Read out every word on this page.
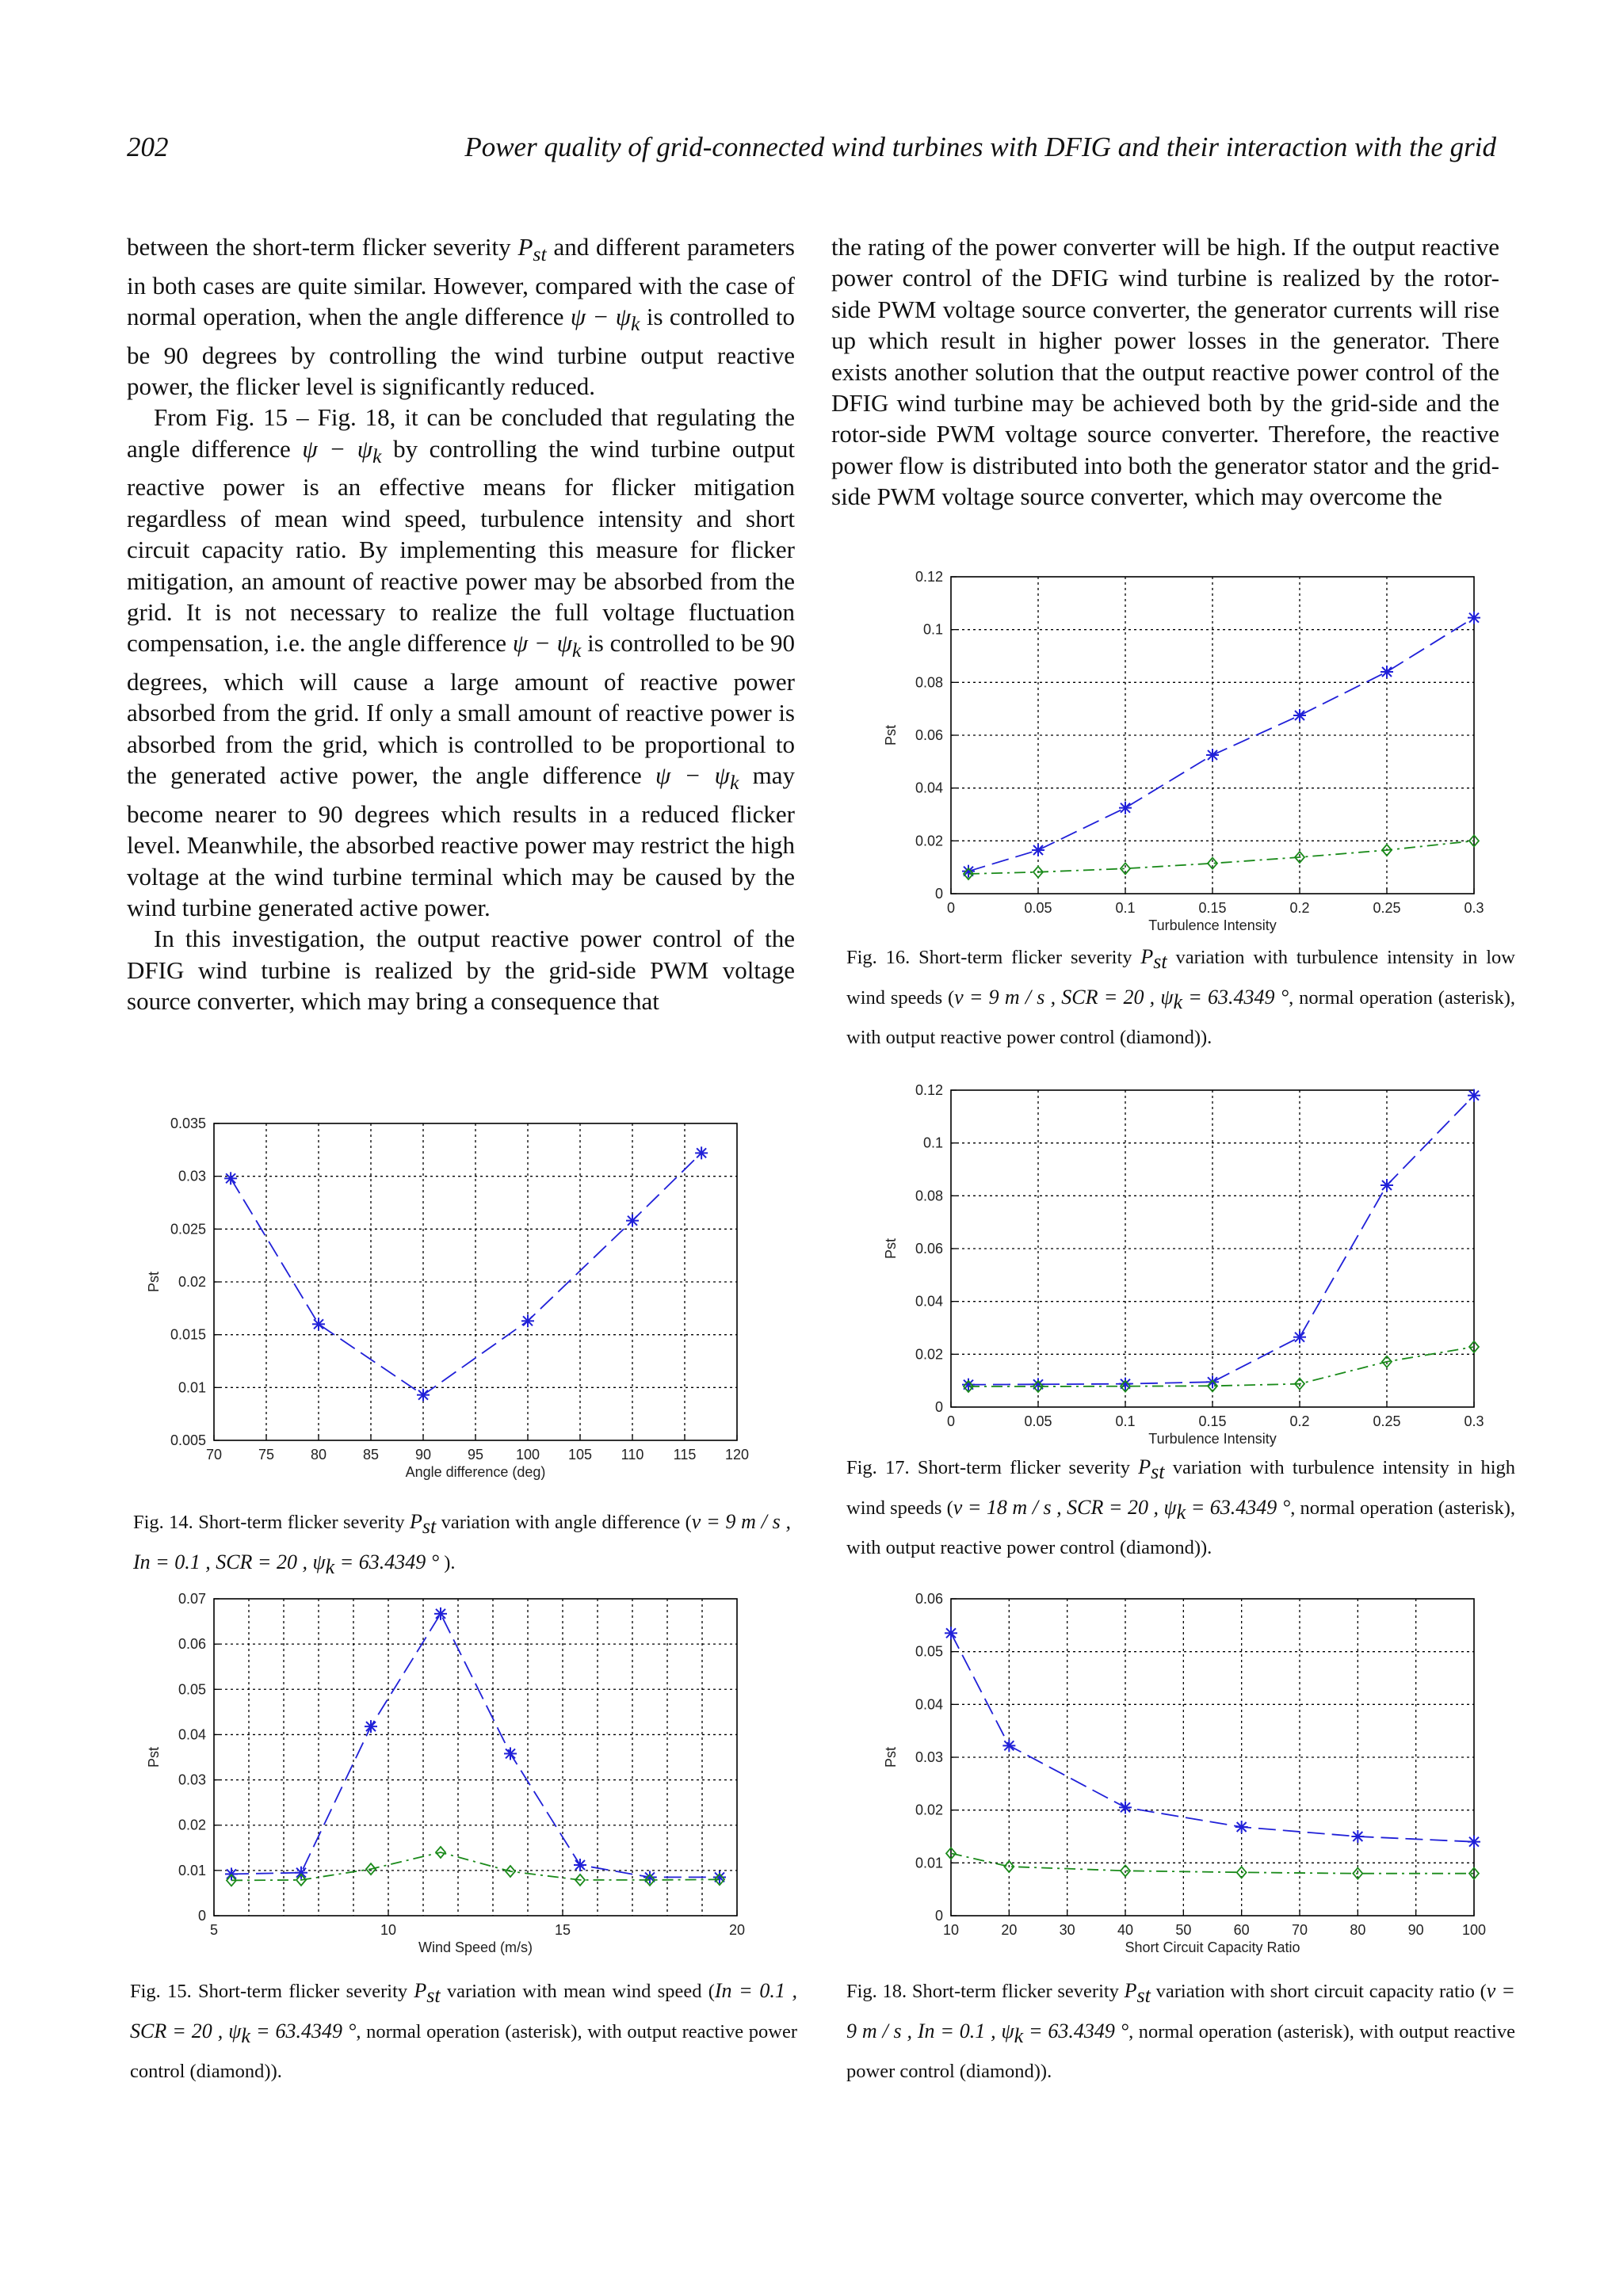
202	Power quality of grid-connected wind turbines with DFIG and their interaction with the grid

between the short-term flicker severity $P_{st}$ and different parameters in both cases are quite similar. However, compared with the case of normal operation, when the angle difference $\psi - \psi_k$ is controlled to be 90 degrees by controlling the wind turbine output reactive power, the flicker level is significantly reduced.

From Fig. 15 – Fig. 18, it can be concluded that regulating the angle difference $\psi - \psi_k$ by controlling the wind turbine output reactive power is an effective means for flicker mitigation regardless of mean wind speed, turbulence intensity and short circuit capacity ratio. By implementing this measure for flicker mitigation, an amount of reactive power may be absorbed from the grid. It is not necessary to realize the full voltage fluctuation compensation, i.e. the angle difference $\psi - \psi_k$ is controlled to be 90 degrees, which will cause a large amount of reactive power absorbed from the grid. If only a small amount of reactive power is absorbed from the grid, which is controlled to be proportional to the generated active power, the angle difference $\psi - \psi_k$ may become nearer to 90 degrees which results in a reduced flicker level. Meanwhile, the absorbed reactive power may restrict the high voltage at the wind turbine terminal which may be caused by the wind turbine generated active power.

In this investigation, the output reactive power control of the DFIG wind turbine is realized by the grid-side PWM voltage source converter, which may bring a consequence that

the rating of the power converter will be high. If the output reactive power control of the DFIG wind turbine is realized by the rotor-side PWM voltage source converter, the generator currents will rise up which result in higher power losses in the generator. There exists another solution that the output reactive power control of the DFIG wind turbine may be achieved both by the grid-side and the rotor-side PWM voltage source converter. Therefore, the reactive power flow is distributed into both the generator stator and the grid-side PWM voltage source converter, which may overcome the

70	75	80	85	90	95 100 105 110 115 120
0.005
0.01
0.015
0.02
0.025
0.03
0.035
Angle difference (deg)
Pst
5	10	15	20
0
0.01
0.02
0.03
0.04
0.05
0.06
0.07
Wind Speed (m/s)
Pst
0	0.05	0.1	0.15	0.2	0.25	0.3
0
0.02
0.04
0.06
0.08
0.1
0.12
Turbulence Intensity
Pst
0	0.05	0.1	0.15	0.2	0.25	0.3
0
0.02
0.04
0.06
0.08
0.1
0.12
Turbulence Intensity
Pst
10	20	30	40	50	60	70	80	90	100
0
0.01
0.02
0.03
0.04
0.05
0.06
Short Circuit Capacity Ratio
Pst
Fig. 14. Short-term flicker severity $P_{st}$ variation with angle difference (v = 9 m / s , In = 0.1 , SCR = 20 , $\psi_k = 63.4349$ ° ).
Fig. 15. Short-term flicker severity $P_{st}$ variation with mean wind speed (In = 0.1 , SCR = 20 , $\psi_k = 63.4349$ °, normal operation (asterisk), with output reactive power control (diamond)).
Fig. 16. Short-term flicker severity $P_{st}$ variation with turbulence intensity in low wind speeds (v = 9 m / s , SCR = 20 , $\psi_k = 63.4349$ °, normal operation (asterisk), with output reactive power control (diamond)).
Fig. 17. Short-term flicker severity $P_{st}$ variation with turbulence intensity in high wind speeds (v = 18 m / s , SCR = 20 , $\psi_k = 63.4349$ °, normal operation (asterisk), with output reactive power control (diamond)).
Fig. 18. Short-term flicker severity $P_{st}$ variation with short circuit capacity ratio (v = 9 m / s , In = 0.1 , $\psi_k = 63.4349$ °, normal operation (asterisk), with output reactive power control (diamond)).
